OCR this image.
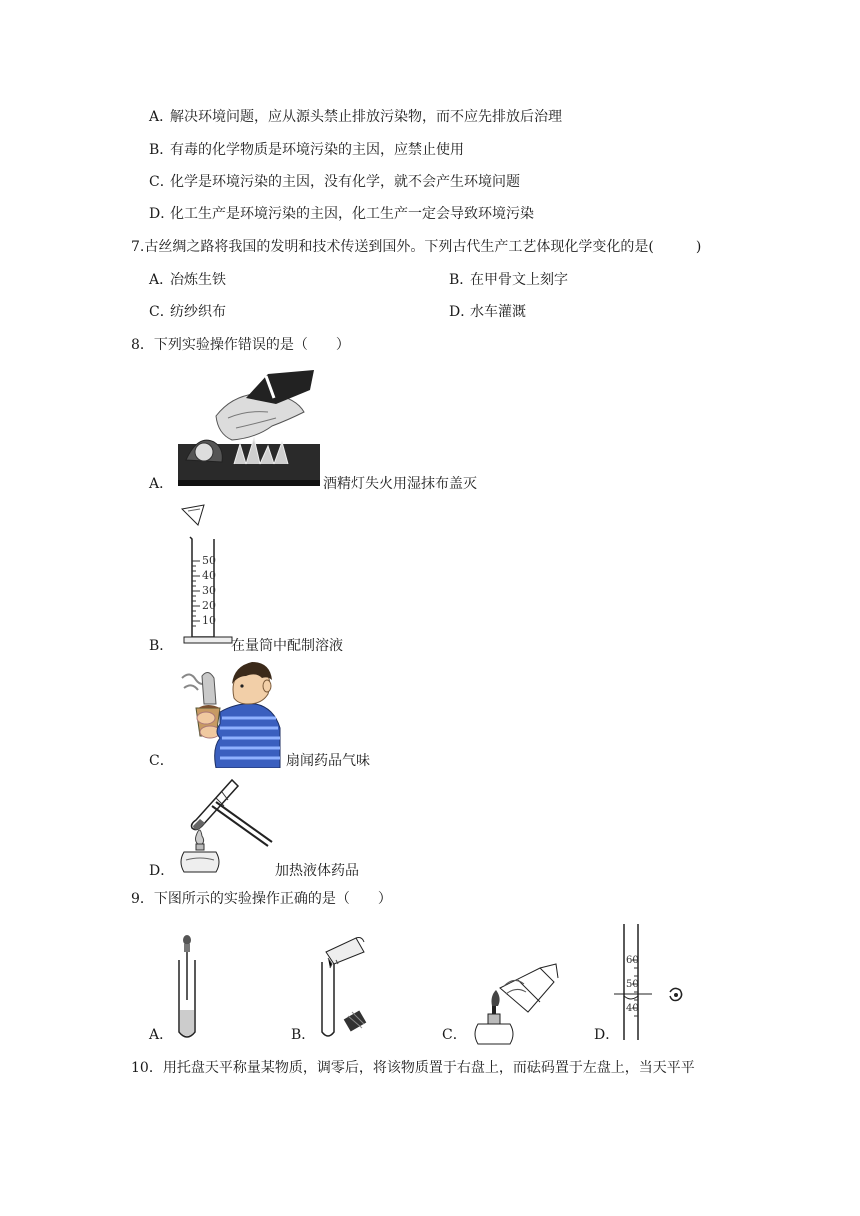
A．
解决环境问题，应从源头禁止排放污染物，而不应先排放后治理
B．
有毒的化学物质是环境污染的主因，应禁止使用
C．
化学是环境污染的主因，没有化学，就不会产生环境问题
D．
化工生产是环境污染的主因，化工生产一定会导致环境污染
7.古丝绸之路将我国的发明和技术传送到国外。下列古代生产工艺体现化学变化的是(　　　)
A．
冶炼生铁	B．
在甲骨文上刻字
C．
纺纱织布	D．
水车灌溉
8．下列实验操作错误的是（　　）
A．	酒精灯失火用湿抹布盖灭
50
40
30
20
10
B．	在量筒中配制溶液
C．	扇闻药品气味
D．	加热液体药品
9．下图所示的实验操作正确的是（　　）
A．	B．	C．
60
50
40
D．
10．用托盘天平称量某物质，调零后，将该物质置于右盘上，而砝码置于左盘上，当天平平
